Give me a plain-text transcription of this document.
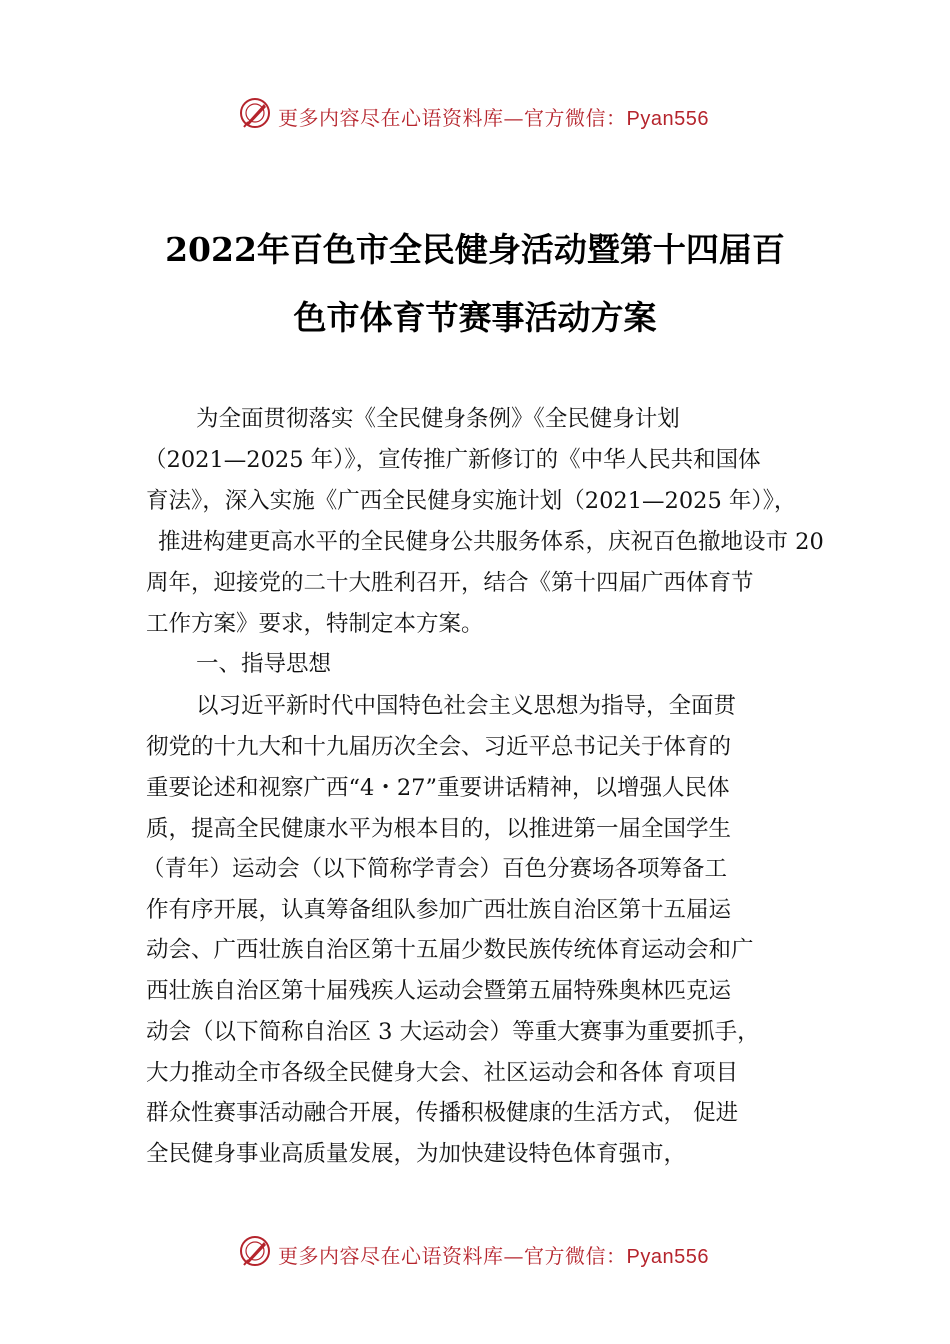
更多内容尽在心语资料库—官方微信：Pyan556
2022年百色市全民健身活动暨第十四届百
色市体育节赛事活动方案
为全面贯彻落实《全民健身条例》《全民健身计划
（2021—2025 年）》，宣传推广新修订的《中华人民共和国体
育法》，深入实施《广西全民健身实施计划（2021—2025 年）》，
推进构建更高水平的全民健身公共服务体系，庆祝百色撤地设市 20
周年，迎接党的二十大胜利召开，结合《第十四届广西体育节
工作方案》要求，特制定本方案。
一、指导思想
以习近平新时代中国特色社会主义思想为指导，全面贯
彻党的十九大和十九届历次全会、习近平总书记关于体育的
重要论述和视察广西“4・27”重要讲话精神，以增强人民体
质，提高全民健康水平为根本目的，以推进第一届全国学生
（青年）运动会（以下简称学青会）百色分赛场各项筹备工
作有序开展，认真筹备组队参加广西壮族自治区第十五届运
动会、广西壮族自治区第十五届少数民族传统体育运动会和广
西壮族自治区第十届残疾人运动会暨第五届特殊奥林匹克运
动会（以下简称自治区 3 大运动会）等重大赛事为重要抓手，
大力推动全市各级全民健身大会、社区运动会和各体 育项目
群众性赛事活动融合开展，传播积极健康的生活方式， 促进
全民健身事业高质量发展，为加快建设特色体育强市，
更多内容尽在心语资料库—官方微信：Pyan556
